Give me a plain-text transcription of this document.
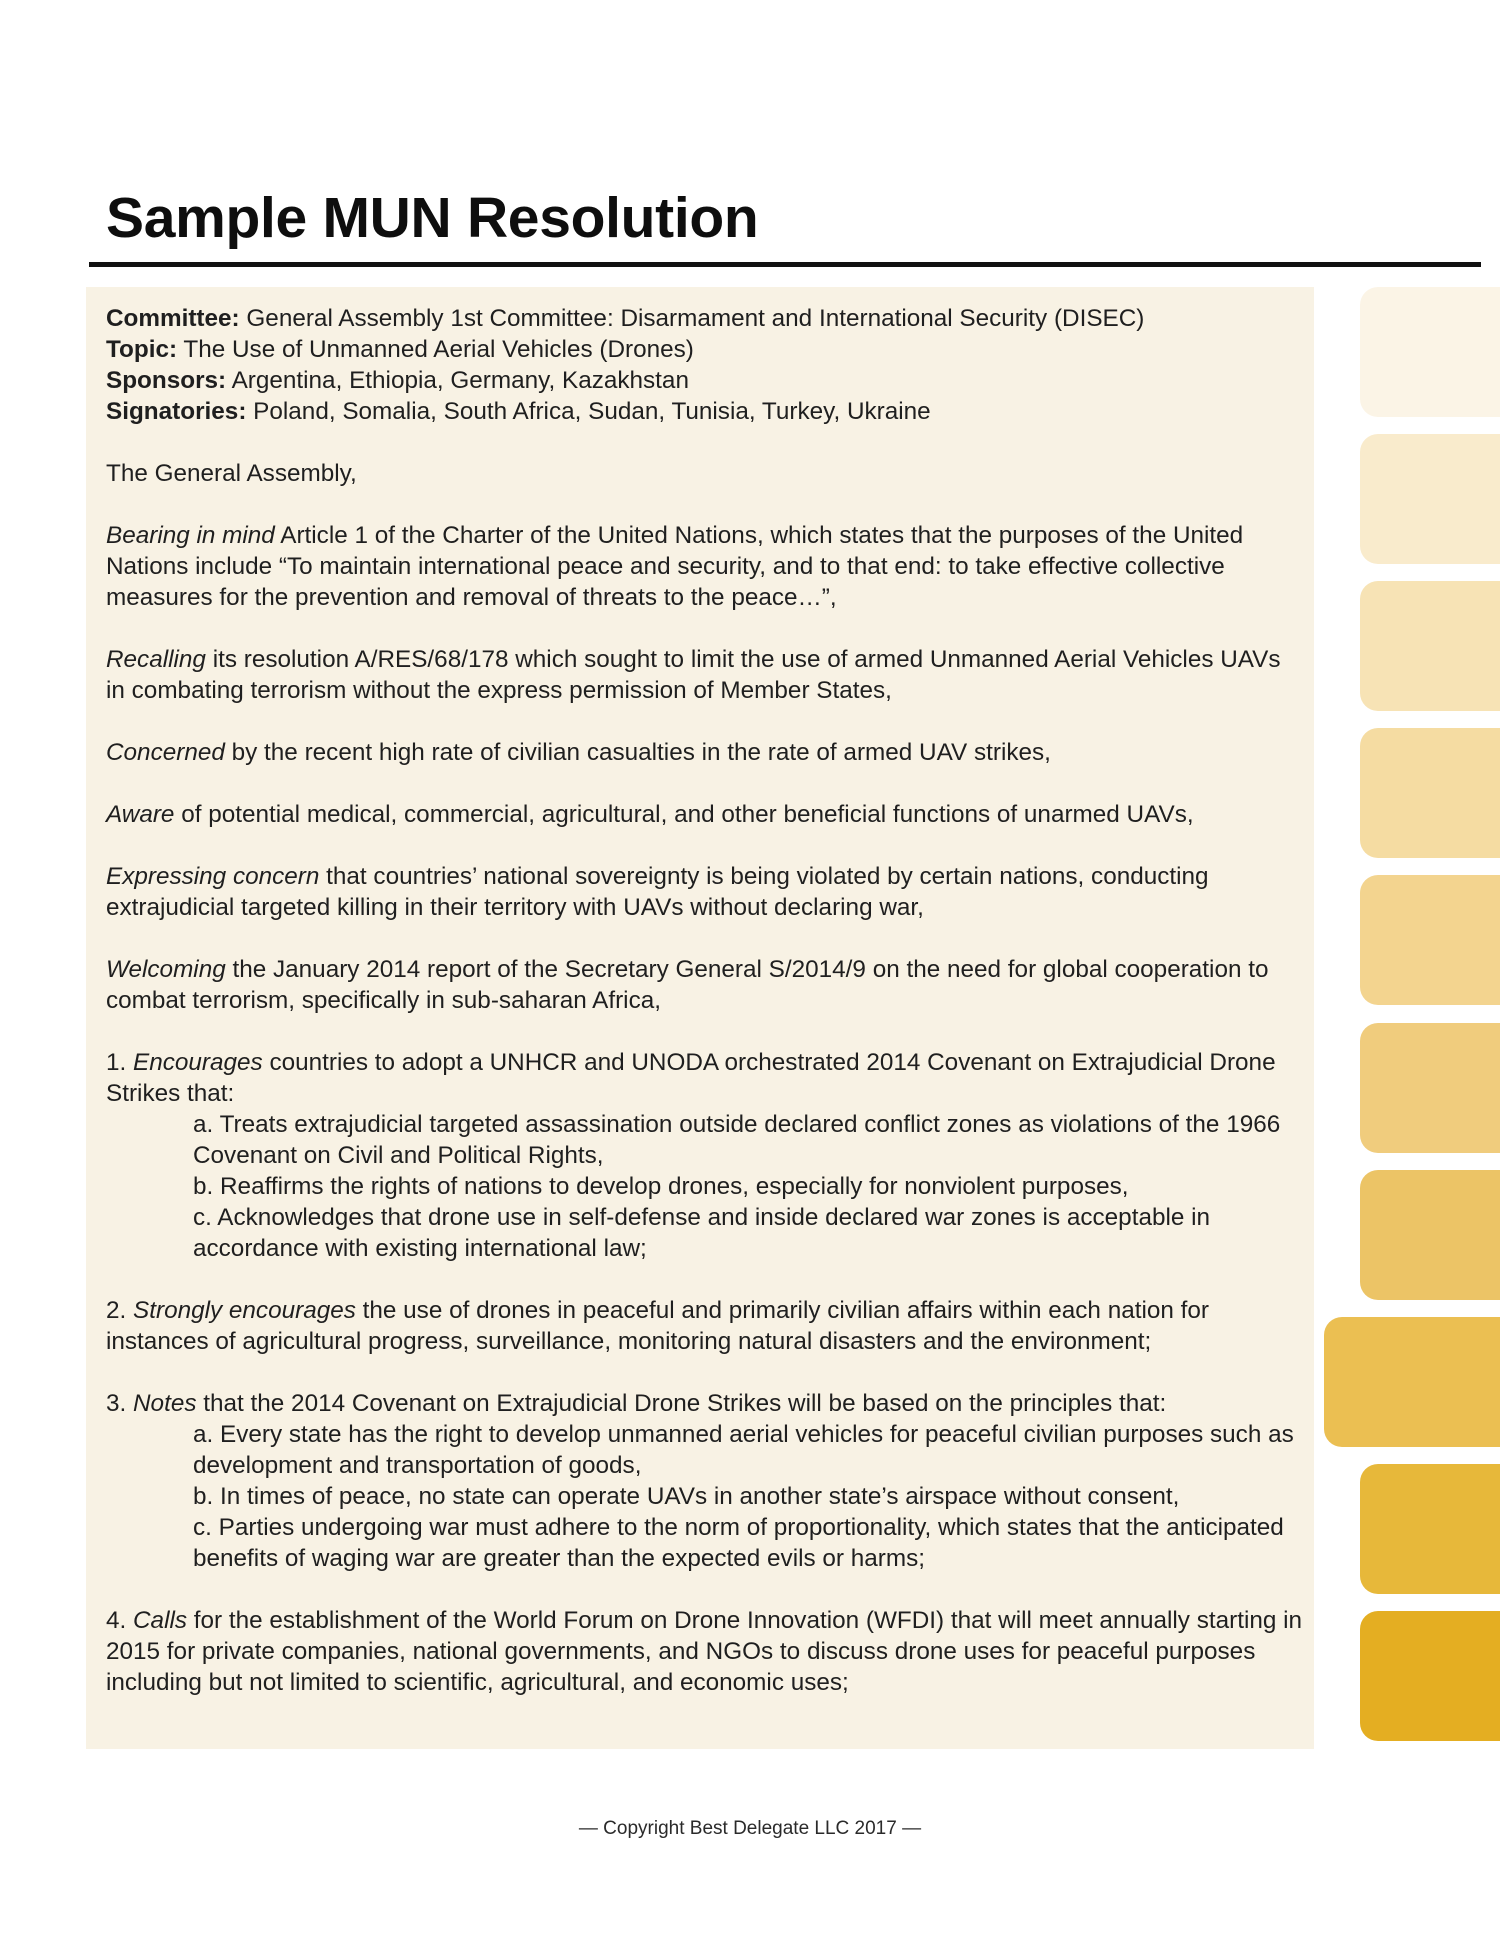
Sample MUN Resolution
Committee: General Assembly 1st Committee: Disarmament and International Security (DISEC)
Topic: The Use of Unmanned Aerial Vehicles (Drones)
Sponsors: Argentina, Ethiopia, Germany, Kazakhstan
Signatories: Poland, Somalia, South Africa, Sudan, Tunisia, Turkey, Ukraine

The General Assembly,

Bearing in mind Article 1 of the Charter of the United Nations, which states that the purposes of the United Nations include “To maintain international peace and security, and to that end: to take effective collective measures for the prevention and removal of threats to the peace…”,

Recalling its resolution A/RES/68/178 which sought to limit the use of armed Unmanned Aerial Vehicles UAVs in combating terrorism without the express permission of Member States,

Concerned by the recent high rate of civilian casualties in the rate of armed UAV strikes,

Aware of potential medical, commercial, agricultural, and other beneficial functions of unarmed UAVs,

Expressing concern that countries’ national sovereignty is being violated by certain nations, conducting extrajudicial targeted killing in their territory with UAVs without declaring war,

Welcoming the January 2014 report of the Secretary General S/2014/9 on the need for global cooperation to combat terrorism, specifically in sub-saharan Africa,

1. Encourages countries to adopt a UNHCR and UNODA orchestrated 2014 Covenant on Extrajudicial Drone Strikes that:

a. Treats extrajudicial targeted assassination outside declared conflict zones as violations of the 1966 Covenant on Civil and Political Rights,

b. Reaffirms the rights of nations to develop drones, especially for nonviolent purposes,

c. Acknowledges that drone use in self-defense and inside declared war zones is acceptable in accordance with existing international law;

2. Strongly encourages the use of drones in peaceful and primarily civilian affairs within each nation for instances of agricultural progress, surveillance, monitoring natural disasters and the environment;

3. Notes that the 2014 Covenant on Extrajudicial Drone Strikes will be based on the principles that:

a. Every state has the right to develop unmanned aerial vehicles for peaceful civilian purposes such as development and transportation of goods,

b. In times of peace, no state can operate UAVs in another state’s airspace without consent,

c. Parties undergoing war must adhere to the norm of proportionality, which states that the anticipated benefits of waging war are greater than the expected evils or harms;

4. Calls for the establishment of the World Forum on Drone Innovation (WFDI) that will meet annually starting in 2015 for private companies, national governments, and NGOs to discuss drone uses for peaceful purposes including but not limited to scientific, agricultural, and economic uses;

— Copyright Best Delegate LLC 2017 —
